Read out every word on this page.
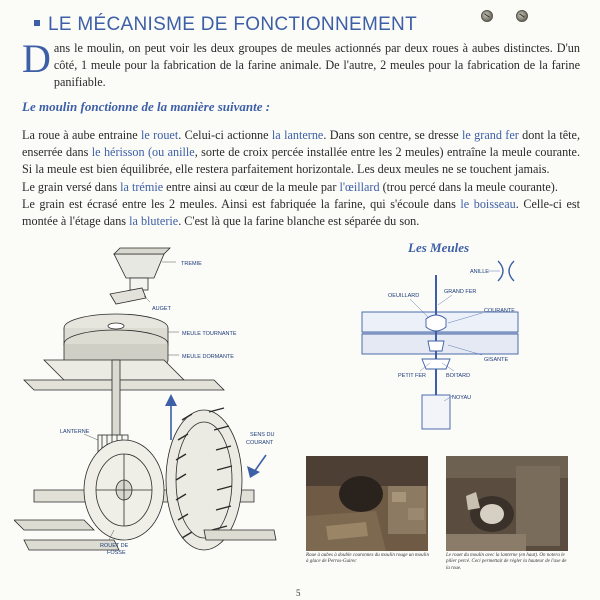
LE MÉCANISME DE FONCTIONNEMENT
Dans le moulin, on peut voir les deux groupes de meules actionnés par deux roues à aubes distinctes. D'un côté, 1 meule pour la fabrication de la farine animale. De l'autre, 2 meules pour la fabrication de la farine panifiable.
Le moulin fonctionne de la manière suivante :
La roue à aube entraine le rouet. Celui-ci actionne la lanterne. Dans son centre, se dresse le grand fer dont la tête, enserrée dans le hérisson (ou anille, sorte de croix percée installée entre les 2 meules) entraîne la meule courante. Si la meule est bien équilibrée, elle restera parfaitement horizontale. Les deux meules ne se touchent jamais.
Le grain versé dans la trémie entre ainsi au cœur de la meule par l'œillard (trou percé dans la meule courante).
Le grain est écrasé entre les 2 meules. Ainsi est fabriquée la farine, qui s'écoule dans le boisseau. Celle-ci est montée à l'étage dans la bluterie. C'est là que la farine blanche est séparée du son.
TREMIE
AUGET
MEULE TOURNANTE
MEULE DORMANTE
LANTERNE	SENS DU
COURANT
ROUET DE
FOSSE
Les Meules
ANILLE
OEUILLARD
GRAND FER
COURANTE
GISANTE
PETIT FER	BOITARD
NOYAU
Roue à aubes à double couronnes du moulin rouge un moulin à glace de Perros-Guirec
Le rouet du moulin avec la lanterne (en haut). On notera le pilier percé. Ceci permettait de régler la hauteur de l'axe de la roue.
5
